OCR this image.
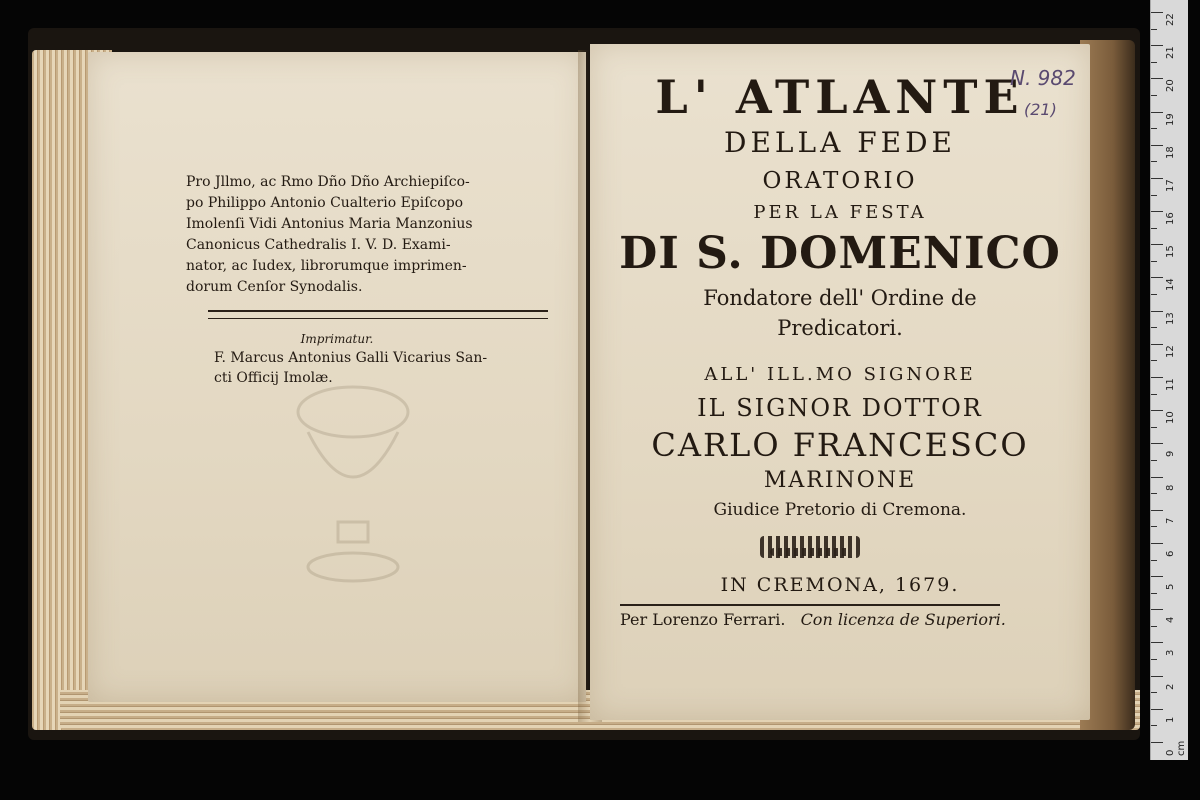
Pro Jllmo, ac Rmo Dño Dño Archiepiſco-
po Philippo Antonio Cualterio Epiſcopo
Imolenſi Vidi Antonius Maria Manzonius
Canonicus Cathedralis I. V. D. Exami-
nator, ac Iudex, librorumque imprimen-
dorum Cenſor Synodalis.
Imprimatur.
F. Marcus Antonius Galli Vicarius San-
cti Officij Imolæ.
L' ATLANTE
DELLA FEDE
ORATORIO
PER LA FESTA
DI S. DOMENICO
Fondatore dell' Ordine de
Predicatori.
ALL' ILL.MO SIGNORE
IL SIGNOR DOTTOR
CARLO FRANCESCO
MARINONE
Giudice Pretorio di Cremona.
IN CREMONA, 1679.
Per Lorenzo Ferrari. Con licenza de Superiori.
N. 982
(21)
22
21
20
19
18
17
16
15
14
13
12
11
10
9
8
7
6
5
4
3
2
1
0 cm
